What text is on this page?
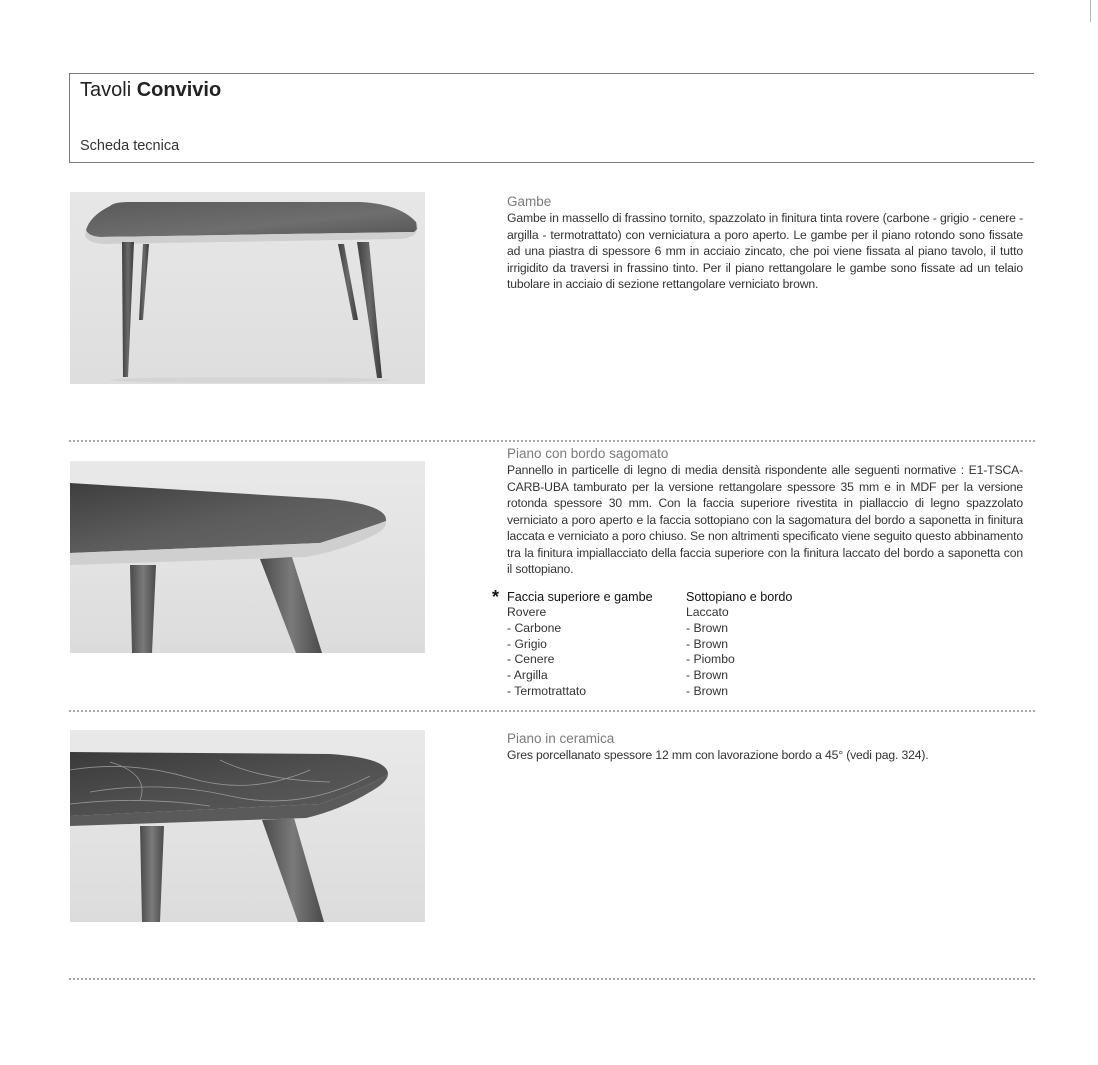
Tavoli Convivio
Scheda tecnica
Gambe

Gambe in massello di frassino tornito, spazzolato in finitura tinta rovere (carbone - grigio - cenere -argilla - termotrattato) con verniciatura a poro aperto. Le gambe per il piano rotondo sono fissate ad una piastra di spessore 6 mm in acciaio zincato, che poi viene fissata al piano tavolo, il tutto irrigidito da traversi in frassino tinto. Per il piano rettangolare le gambe sono fissate ad un telaio tubolare in acciaio di sezione rettangolare verniciato brown.

Piano con bordo sagomato

Pannello in particelle di legno di media densità rispondente alle seguenti normative : E1-TSCA-CARB-UBA tamburato per la versione rettangolare spessore 35 mm e in MDF per la versione rotonda spessore 30 mm. Con la faccia superiore rivestita in piallaccio di legno spazzolato verniciato a poro aperto e la faccia sottopiano con la sagomatura del bordo a saponetta in finitura laccata e verniciato a poro chiuso. Se non altrimenti specificato viene seguito questo abbinamento tra la finitura impiallacciato della faccia superiore con la finitura laccato del bordo a saponetta con il sottopiano.

* Faccia superiore e gambe
Rovere
- Carbone
- Grigio
- Cenere
- Argilla
- Termotrattato
Sottopiano e bordo
Laccato
- Brown
- Brown
- Piombo
- Brown
- Brown
Piano in ceramica

Gres porcellanato spessore 12 mm con lavorazione bordo a 45° (vedi pag. 324).
